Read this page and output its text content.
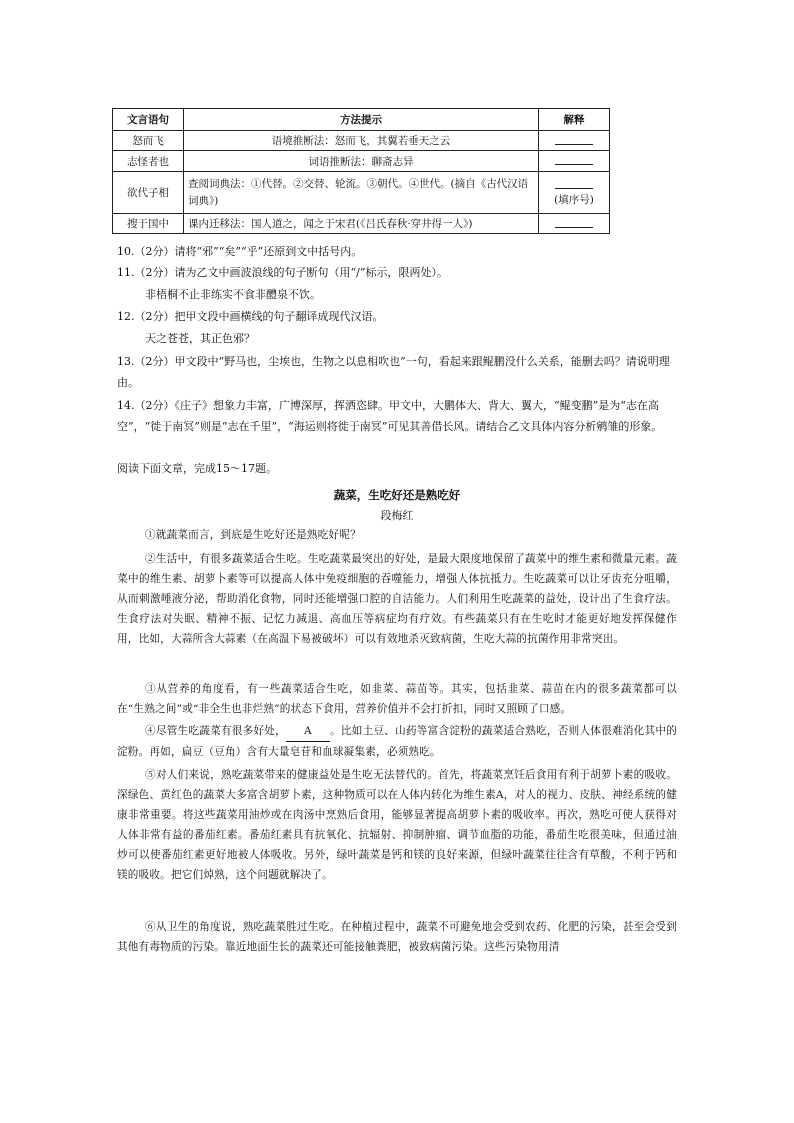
文言语句	方法提示	解释
怒而飞	语境推断法：怒而飞，其翼若垂天之云	
志怪者也	词语推断法：聊斋志异	
欲代子相	查阅词典法：①代替。②交替、轮流。③朝代。④世代。(摘自《古代汉语词典》)	(填序号)
搜于国中	课内迁移法：国人道之，闻之于宋君(《吕氏春秋·穿井得一人》)	
10.（2分）请将“邪”“矣”“乎”还原到文中括号内。
11.（2分）请为乙文中画波浪线的句子断句（用“/”标示，限两处）。
非梧桐不止非练实不食非醴泉不饮。
12.（2分）把甲文段中画横线的句子翻译成现代汉语。
天之苍苍，其正色邪？
13.（2分）甲文段中“野马也，尘埃也，生物之以息相吹也”一句，看起来跟鲲鹏没什么关系，能删去吗？请说明理由。
14.（2分）《庄子》想象力丰富，广博深厚，挥洒恣肆。甲文中，大鹏体大、背大、翼大，“鲲变鹏”是为“志在高空”，“徙于南冥”则是“志在千里”，“海运则将徙于南冥”可见其善借长风。请结合乙文具体内容分析鹓雏的形象。
阅读下面文章，完成15～17题。
蔬菜，生吃好还是熟吃好
段梅红
①就蔬菜而言，到底是生吃好还是熟吃好呢？
②生活中，有很多蔬菜适合生吃。生吃蔬菜最突出的好处，是最大限度地保留了蔬菜中的维生素和微量元素。蔬菜中的维生素、胡萝卜素等可以提高人体中免疫细胞的吞噬能力，增强人体抗抵力。生吃蔬菜可以让牙齿充分咀嚼，从而刺激唾液分泌，帮助消化食物，同时还能增强口腔的自洁能力。人们利用生吃蔬菜的益处，设计出了生食疗法。生食疗法对失眠、精神不振、记忆力减退、高血压等病症均有疗效。有些蔬菜只有在生吃时才能更好地发挥保健作用，比如，大蒜所含大蒜素（在高温下易被破坏）可以有效地杀灭致病菌，生吃大蒜的抗菌作用非常突出。
③从营养的角度看，有一些蔬菜适合生吃，如韭菜、蒜苗等。其实，包括韭菜、蒜苗在内的很多蔬菜都可以在“生熟之间”或“非全生也非烂熟”的状态下食用，营养价值并不会打折扣，同时又照顾了口感。
④尽管生吃蔬菜有很多好处， A 。比如土豆、山药等富含淀粉的蔬菜适合熟吃，否则人体很难消化其中的淀粉。再如，扁豆（豆角）含有大量皂苷和血球凝集素，必须熟吃。
⑤对人们来说，熟吃蔬菜带来的健康益处是生吃无法替代的。首先，将蔬菜烹饪后食用有利于胡萝卜素的吸收。深绿色、黄红色的蔬菜大多富含胡萝卜素，这种物质可以在人体内转化为维生素A，对人的视力、皮肤、神经系统的健康非常重要。将这些蔬菜用油炒或在肉汤中烹熟后食用，能够显著提高胡萝卜素的吸收率。再次，熟吃可使人获得对人体非常有益的番茄红素。番茄红素具有抗氧化、抗辐射、抑制肿瘤、调节血脂的功能，番茄生吃很美味，但通过油炒可以使番茄红素更好地被人体吸收。另外，绿叶蔬菜是钙和镁的良好来源，但绿叶蔬菜往往含有草酸，不利于钙和镁的吸收。把它们焯熟，这个问题就解决了。
⑥从卫生的角度说，熟吃蔬菜胜过生吃。在种植过程中，蔬菜不可避免地会受到农药、化肥的污染，甚至会受到其他有毒物质的污染。靠近地面生长的蔬菜还可能接触粪肥，被致病菌污染。这些污染物用清
